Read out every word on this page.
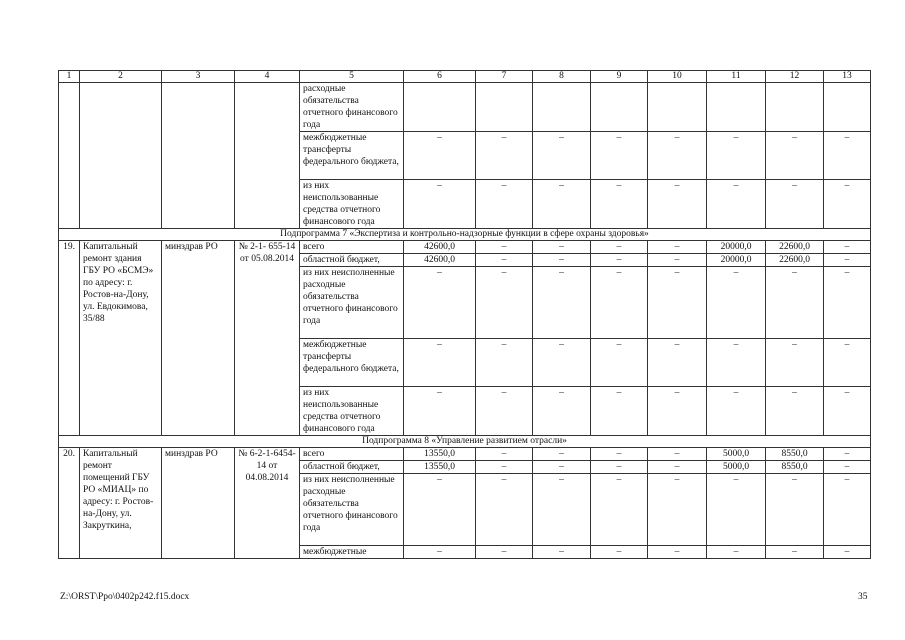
1	2	3	4	5	6	7	8	9	10	11	12	13
				расходные обязательства отчетного финансового года								
				межбюджетные трансферты федерального бюджета,	–	–	–	–	–	–	–	–
				из них неиспользованные средства отчетного финансового года	–	–	–	–	–	–	–	–
Подпрограмма 7 «Экспертиза и контрольно-надзорные функции в сфере охраны здоровья»												
19.	Капитальный ремонт здания ГБУ РО «БСМЭ» по адресу: г. Ростов-на-Дону, ул. Евдокимова, 35/88	минздрав РО	№ 2-1- 655-14 от 05.08.2014	всего	42600,0	–	–	–	–	20000,0	22600,0	–
				областной бюджет,	42600,0	–	–	–	–	20000,0	22600,0	–
				из них неисполненные расходные обязательства отчетного финансового года	–	–	–	–	–	–	–	–
				межбюджетные трансферты федерального бюджета,	–	–	–	–	–	–	–	–
				из них неиспользованные средства отчетного финансового года	–	–	–	–	–	–	–	–
Подпрограмма 8 «Управление развитием отрасли»												
20.	Капитальный ремонт помещений ГБУ РО «МИАЦ» по адресу: г. Ростов-на-Дону, ул. Закруткина,	минздрав РО	№ 6-2-1-6454-14 от 04.08.2014	всего	13550,0	–	–	–	–	5000,0	8550,0	–
				областной бюджет,	13550,0	–	–	–	–	5000,0	8550,0	–
				из них неисполненные расходные обязательства отчетного финансового года	–	–	–	–	–	–	–	–
				межбюджетные	–	–	–	–	–	–	–	–
Z:\ORST\Ppo\0402p242.f15.docx	35
